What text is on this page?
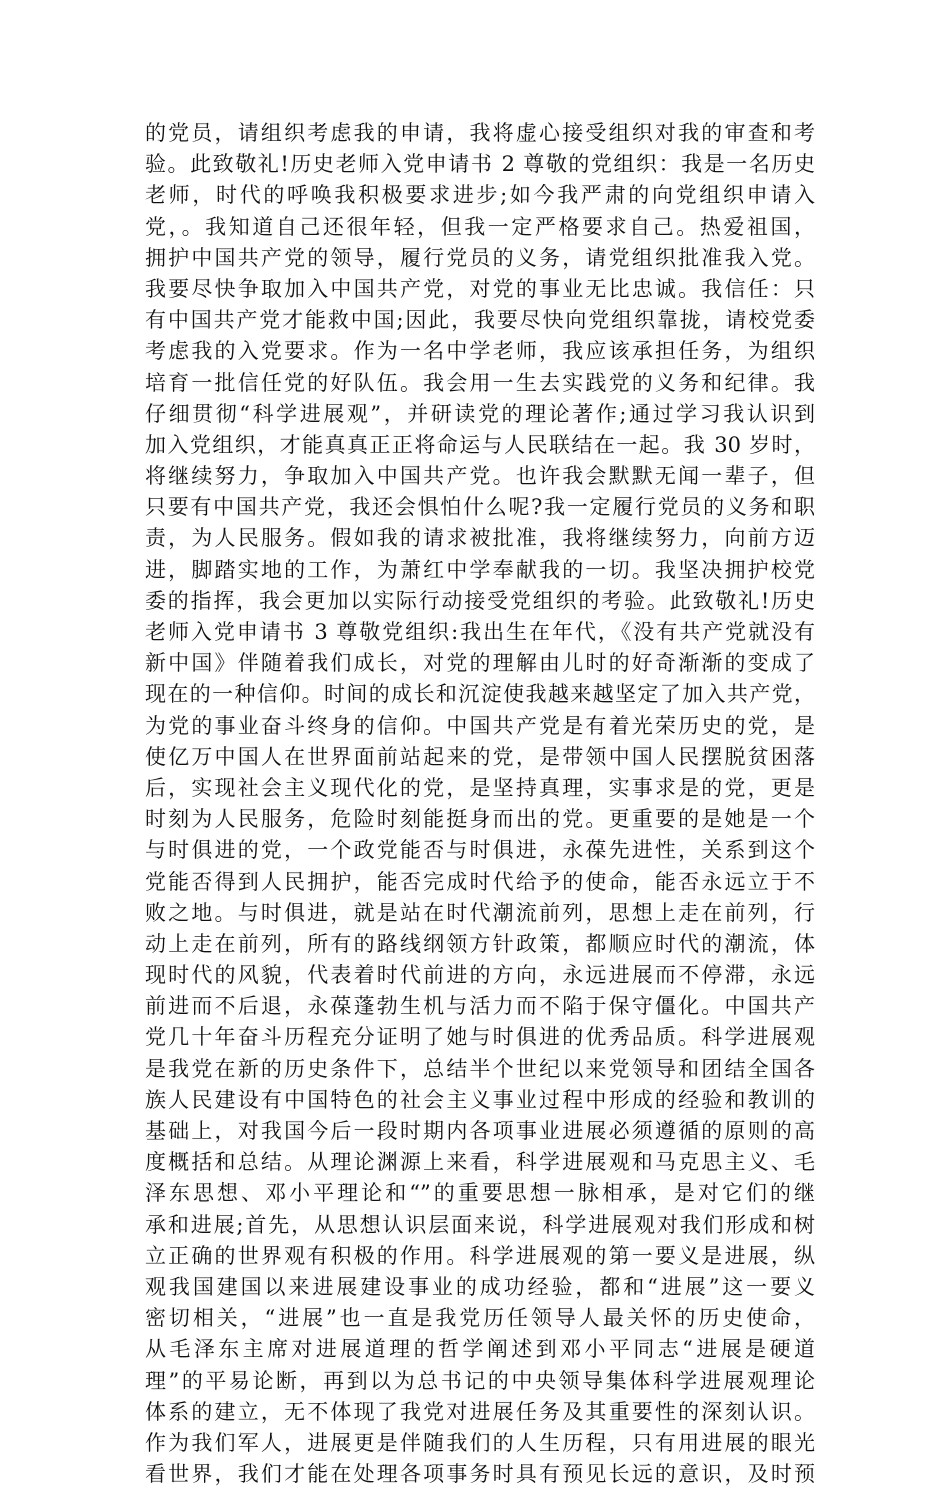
的党员，请组织考虑我的申请，我将虚心接受组织对我的审查和考
验。此致敬礼!历史老师入党申请书 2 尊敬的党组织：我是一名历史
老师，时代的呼唤我积极要求进步;如今我严肃的向党组织申请入
党，。我知道自己还很年轻，但我一定严格要求自己。热爱祖国，
拥护中国共产党的领导，履行党员的义务，请党组织批准我入党。
我要尽快争取加入中国共产党，对党的事业无比忠诚。我信任：只
有中国共产党才能救中国;因此，我要尽快向党组织靠拢，请校党委
考虑我的入党要求。作为一名中学老师，我应该承担任务，为组织
培育一批信任党的好队伍。我会用一生去实践党的义务和纪律。我
仔细贯彻“科学进展观”，并研读党的理论著作;通过学习我认识到
加入党组织，才能真真正正将命运与人民联结在一起。我 30 岁时，
将继续努力，争取加入中国共产党。也许我会默默无闻一辈子，但
只要有中国共产党，我还会惧怕什么呢?我一定履行党员的义务和职
责，为人民服务。假如我的请求被批准，我将继续努力，向前方迈
进，脚踏实地的工作，为萧红中学奉献我的一切。我坚决拥护校党
委的指挥，我会更加以实际行动接受党组织的考验。此致敬礼!历史
老师入党申请书 3 尊敬党组织:我出生在年代，《没有共产党就没有
新中国》伴随着我们成长，对党的理解由儿时的好奇渐渐的变成了
现在的一种信仰。时间的成长和沉淀使我越来越坚定了加入共产党，
为党的事业奋斗终身的信仰。中国共产党是有着光荣历史的党，是
使亿万中国人在世界面前站起来的党，是带领中国人民摆脱贫困落
后，实现社会主义现代化的党，是坚持真理，实事求是的党，更是
时刻为人民服务，危险时刻能挺身而出的党。更重要的是她是一个
与时俱进的党，一个政党能否与时俱进，永葆先进性，关系到这个
党能否得到人民拥护，能否完成时代给予的使命，能否永远立于不
败之地。与时俱进，就是站在时代潮流前列，思想上走在前列，行
动上走在前列，所有的路线纲领方针政策，都顺应时代的潮流，体
现时代的风貌，代表着时代前进的方向，永远进展而不停滞，永远
前进而不后退，永葆蓬勃生机与活力而不陷于保守僵化。中国共产
党几十年奋斗历程充分证明了她与时俱进的优秀品质。科学进展观
是我党在新的历史条件下，总结半个世纪以来党领导和团结全国各
族人民建设有中国特色的社会主义事业过程中形成的经验和教训的
基础上，对我国今后一段时期内各项事业进展必须遵循的原则的高
度概括和总结。从理论渊源上来看，科学进展观和马克思主义、毛
泽东思想、邓小平理论和“”的重要思想一脉相承，是对它们的继
承和进展;首先，从思想认识层面来说，科学进展观对我们形成和树
立正确的世界观有积极的作用。科学进展观的第一要义是进展，纵
观我国建国以来进展建设事业的成功经验，都和“进展”这一要义
密切相关，“进展”也一直是我党历任领导人最关怀的历史使命，
从毛泽东主席对进展道理的哲学阐述到邓小平同志“进展是硬道
理”的平易论断，再到以为总书记的中央领导集体科学进展观理论
体系的建立，无不体现了我党对进展任务及其重要性的深刻认识。
作为我们军人，进展更是伴随我们的人生历程，只有用进展的眼光
看世界，我们才能在处理各项事务时具有预见长远的意识，及时预
